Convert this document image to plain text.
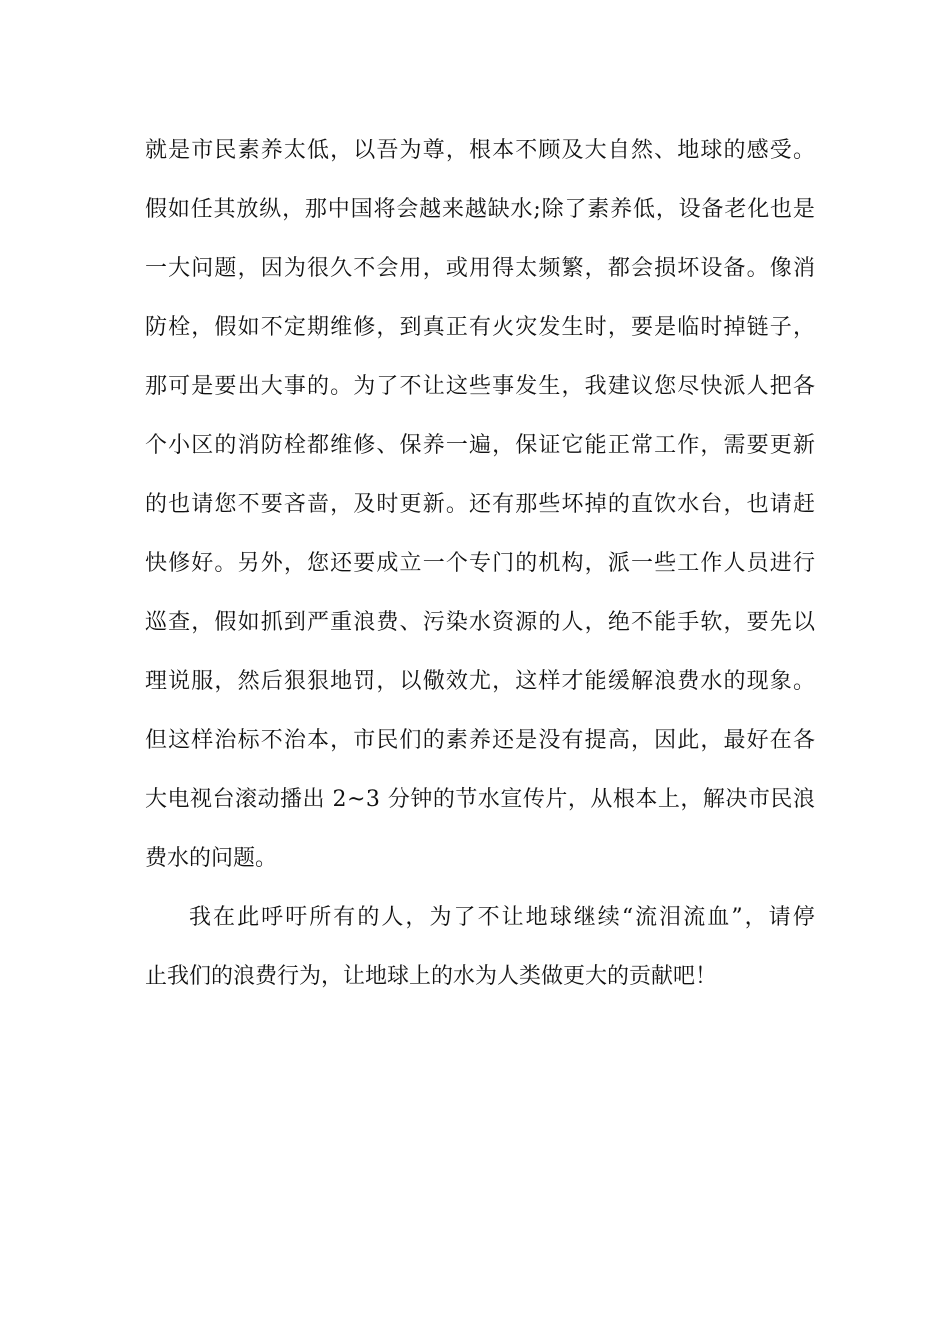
就 是 市 民 素 养 太 低 ， 以 吾 为 尊 ， 根 本 不 顾 及 大 自 然 、 地 球 的 感 受 。
假 如 任 其 放 纵 ， 那 中 国 将 会 越 来 越 缺 水 ; 除 了 素 养 低 ， 设 备 老 化 也 是
一 大 问 题 ， 因 为 很 久 不 会 用 ， 或 用 得 太 频 繁 ， 都 会 损 坏 设 备 。 像 消
防 栓 ， 假 如 不 定 期 维 修 ， 到 真 正 有 火 灾 发 生 时 ， 要 是 临 时 掉 链 子 ，
那 可 是 要 出 大 事 的 。 为 了 不 让 这 些 事 发 生 ， 我 建 议 您 尽 快 派 人 把 各
个 小 区 的 消 防 栓 都 维 修 、 保 养 一 遍 ， 保 证 它 能 正 常 工 作 ， 需 要 更 新
的 也 请 您 不 要 吝 啬 ， 及 时 更 新 。 还 有 那 些 坏 掉 的 直 饮 水 台 ， 也 请 赶
快 修 好 。 另 外 ， 您 还 要 成 立 一 个 专 门 的 机 构 ， 派 一 些 工 作 人 员 进 行
巡 查 ， 假 如 抓 到 严 重 浪 费 、 污 染 水 资 源 的 人 ， 绝 不 能 手 软 ， 要 先 以
理 说 服 ， 然 后 狠 狠 地 罚 ， 以 儆 效 尤 ， 这 样 才 能 缓 解 浪 费 水 的 现 象 。
但 这 样 治 标 不 治 本 ， 市 民 们 的 素 养 还 是 没 有 提 高 ， 因 此 ， 最 好 在 各
大 电 视 台 滚 动 播 出
2 ~ 3
分 钟 的 节 水 宣 传 片 ， 从 根 本 上 ， 解 决 市 民 浪
费水的问题。
我 在 此 呼 吁 所 有 的 人 ， 为 了 不 让 地 球 继 续 “ 流 泪 流 血 ” ， 请 停
止我们的浪费行为，让地球上的水为人类做更大的贡献吧！
